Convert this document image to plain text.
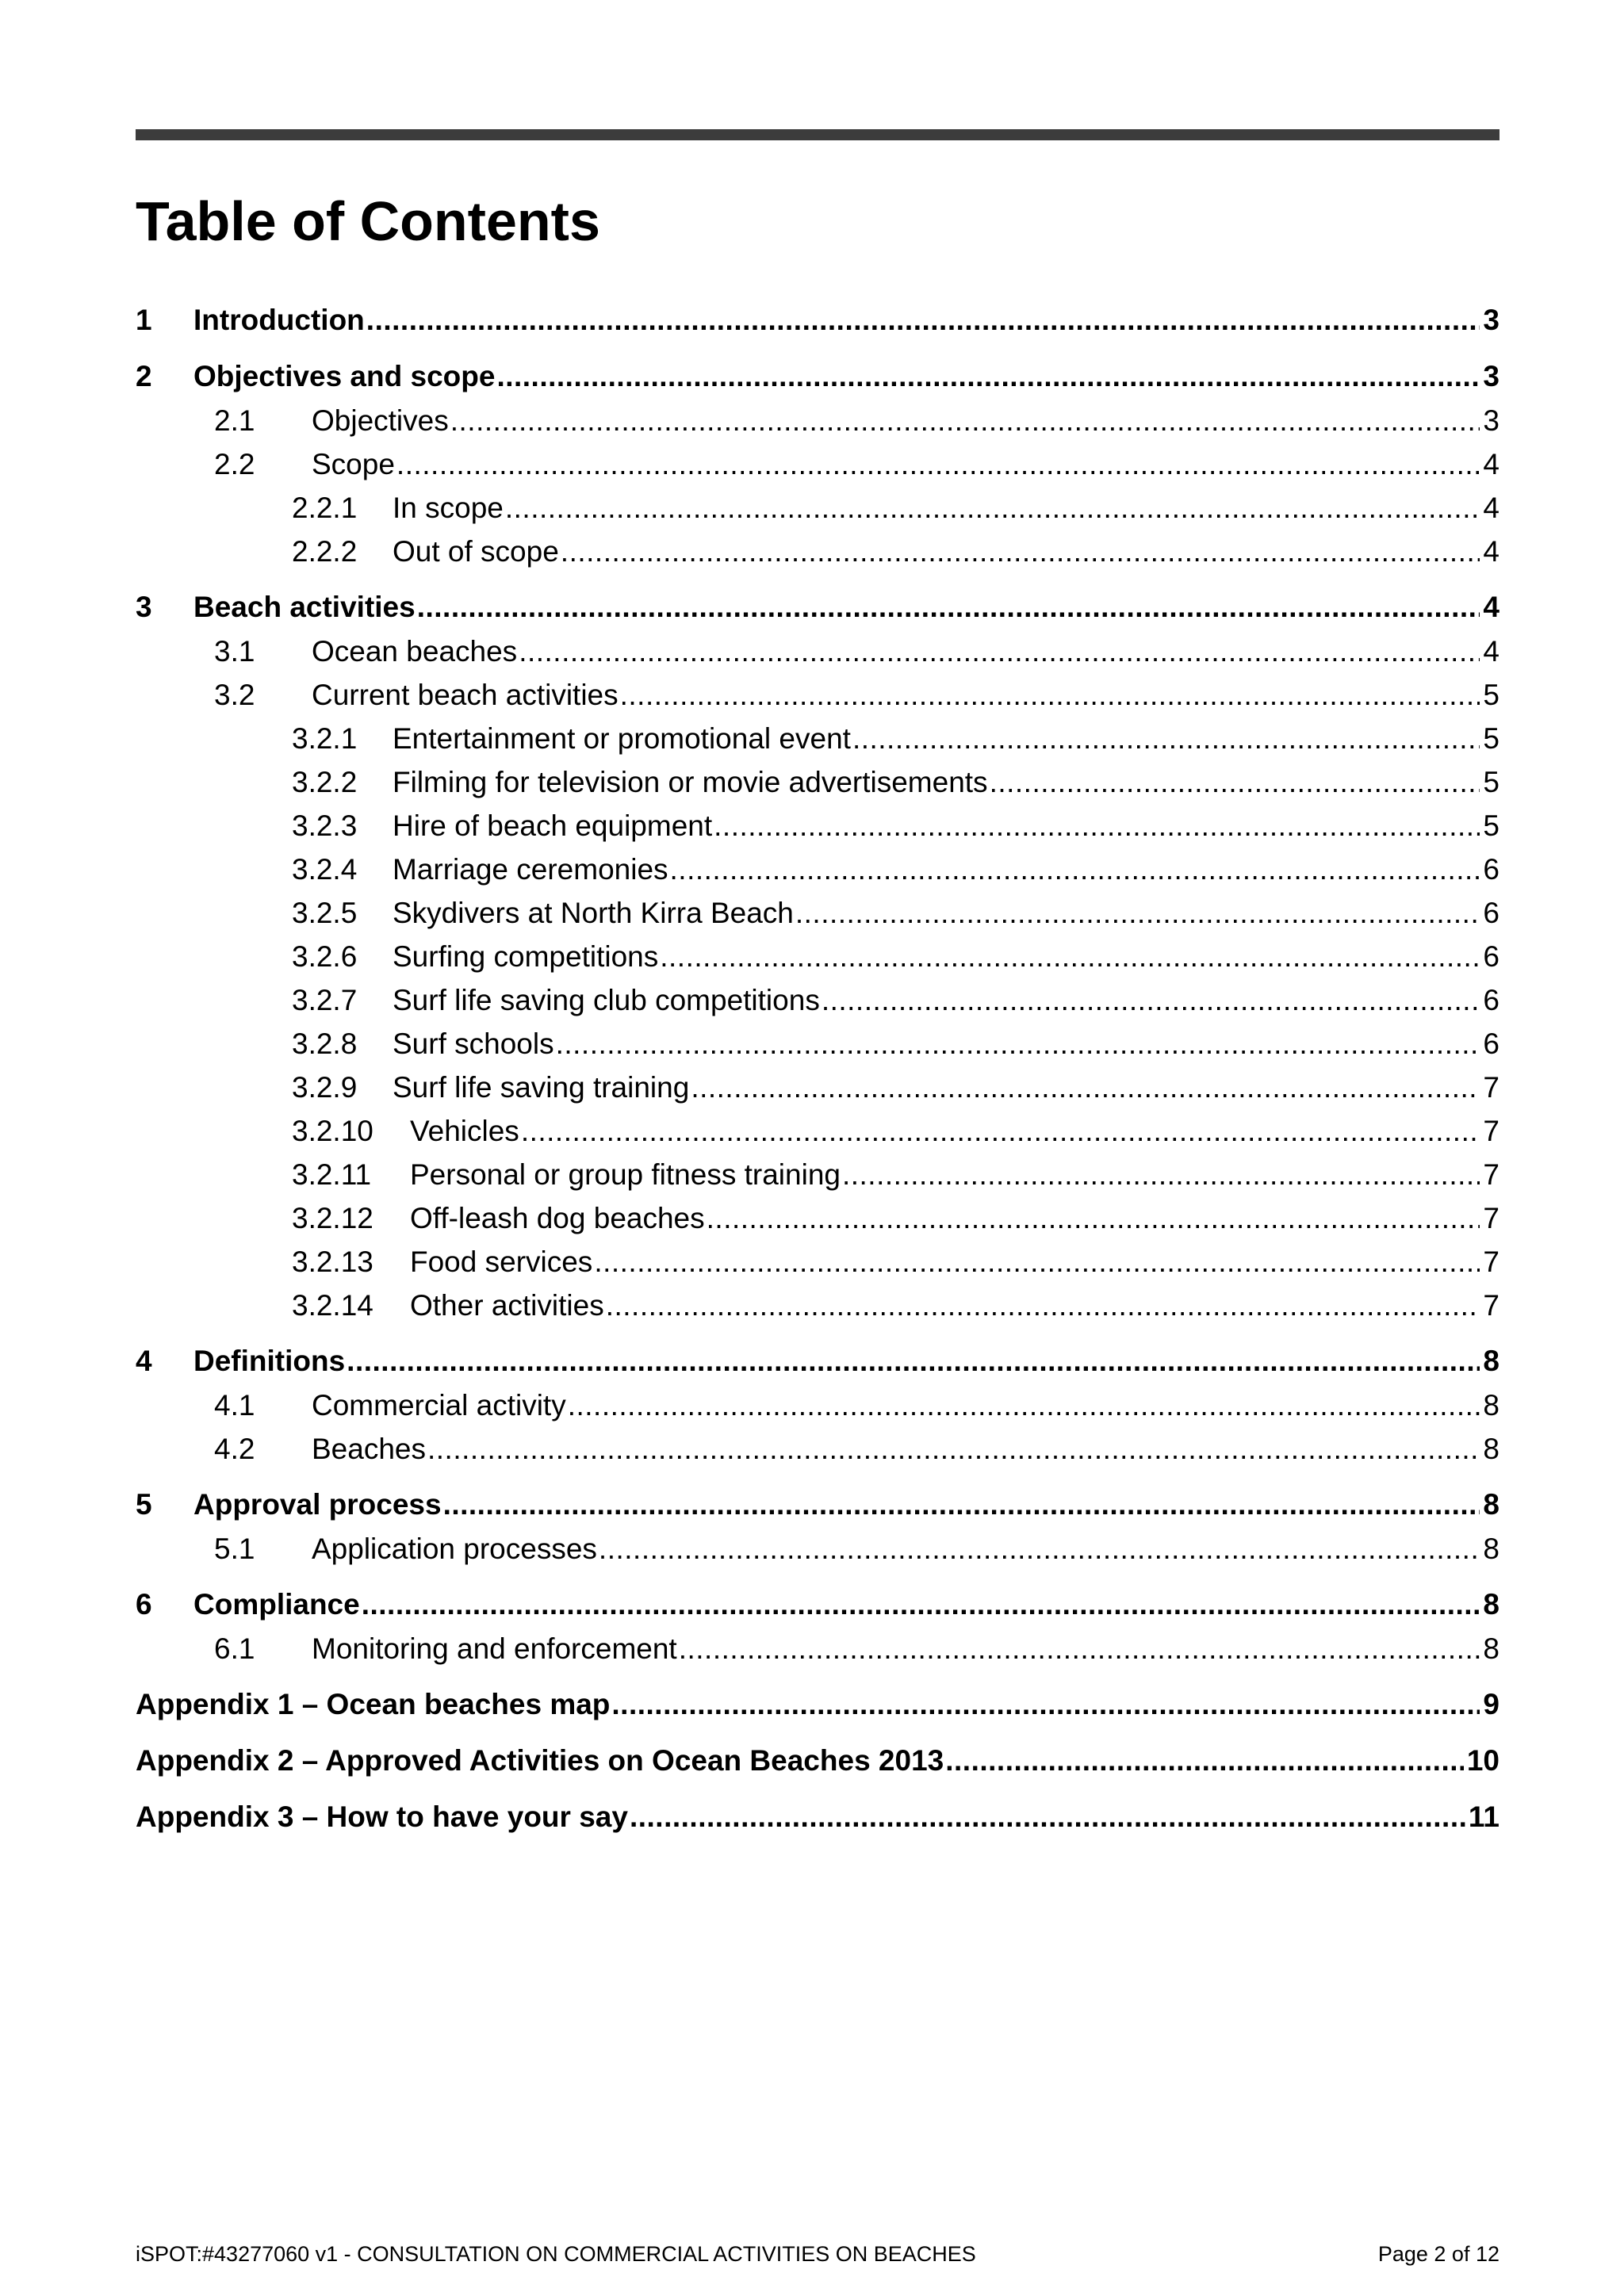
Table of Contents
1	Introduction .....	3
2	Objectives and scope .....	3
2.1	Objectives .....	3
2.2	Scope .....	4
2.2.1	In scope .....	4
2.2.2	Out of scope .....	4
3	Beach activities .....	4
3.1	Ocean beaches .....	4
3.2	Current beach activities .....	5
3.2.1	Entertainment or promotional event .....	5
3.2.2	Filming for television or movie advertisements .....	5
3.2.3	Hire of beach equipment .....	5
3.2.4	Marriage ceremonies .....	6
3.2.5	Skydivers at North Kirra Beach .....	6
3.2.6	Surfing competitions .....	6
3.2.7	Surf life saving club competitions .....	6
3.2.8	Surf schools .....	6
3.2.9	Surf life saving training .....	7
3.2.10	Vehicles .....	7
3.2.11	Personal or group fitness training .....	7
3.2.12	Off-leash dog beaches .....	7
3.2.13	Food services .....	7
3.2.14	Other activities .....	7
4	Definitions .....	8
4.1	Commercial activity .....	8
4.2	Beaches .....	8
5	Approval process .....	8
5.1	Application processes .....	8
6	Compliance .....	8
6.1	Monitoring and enforcement .....	8
Appendix 1 – Ocean beaches map .....	9
Appendix 2 – Approved Activities on Ocean Beaches 2013 .....	10
Appendix 3 – How to have your say .....	11
iSPOT:#43277060 v1 - CONSULTATION ON COMMERCIAL ACTIVITIES ON BEACHES	Page 2 of 12
